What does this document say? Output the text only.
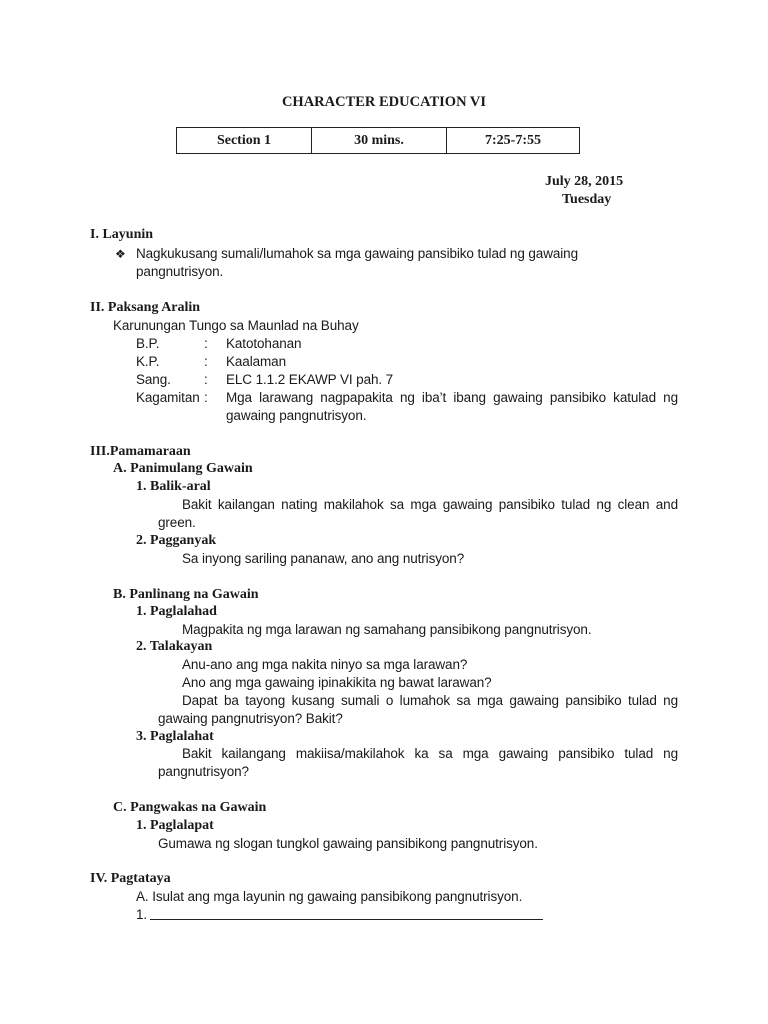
CHARACTER EDUCATION VI
Section 1	30 mins.	7:25-7:55
July 28, 2015
Tuesday
I. Layunin
❖ Nagkukusang sumali/lumahok sa mga gawaing pansibiko tulad ng gawaing
pangnutrisyon.
II. Paksang Aralin
Karunungan Tungo sa Maunlad na Buhay
B.P.	: Katotohanan
K.P.	: Kaalaman
Sang. : ELC 1.1.2 EKAWP VI pah. 7
Kagamitan : Mga larawang nagpapakita ng iba’t ibang gawaing pansibiko katulad ng gawaing pangnutrisyon.
III.Pamamaraan
A. Panimulang Gawain
1. Balik-aral
Bakit kailangan nating makilahok sa mga gawaing pansibiko tulad ng clean and green.
2. Pagganyak
Sa inyong sariling pananaw, ano ang nutrisyon?
B. Panlinang na Gawain
1. Paglalahad
Magpakita ng mga larawan ng samahang pansibikong pangnutrisyon.
2. Talakayan
Anu-ano ang mga nakita ninyo sa mga larawan?
Ano ang mga gawaing ipinakikita ng bawat larawan?
Dapat ba tayong kusang sumali o lumahok sa mga gawaing pansibiko tulad ng gawaing pangnutrisyon? Bakit?
3. Paglalahat
Bakit kailangang makiisa/makilahok ka sa mga gawaing pansibiko tulad ng pangnutrisyon?
C. Pangwakas na Gawain
1. Paglalapat
Gumawa ng slogan tungkol gawaing pansibikong pangnutrisyon.
IV. Pagtataya
A. Isulat ang mga layunin ng gawaing pansibikong pangnutrisyon.
1.
